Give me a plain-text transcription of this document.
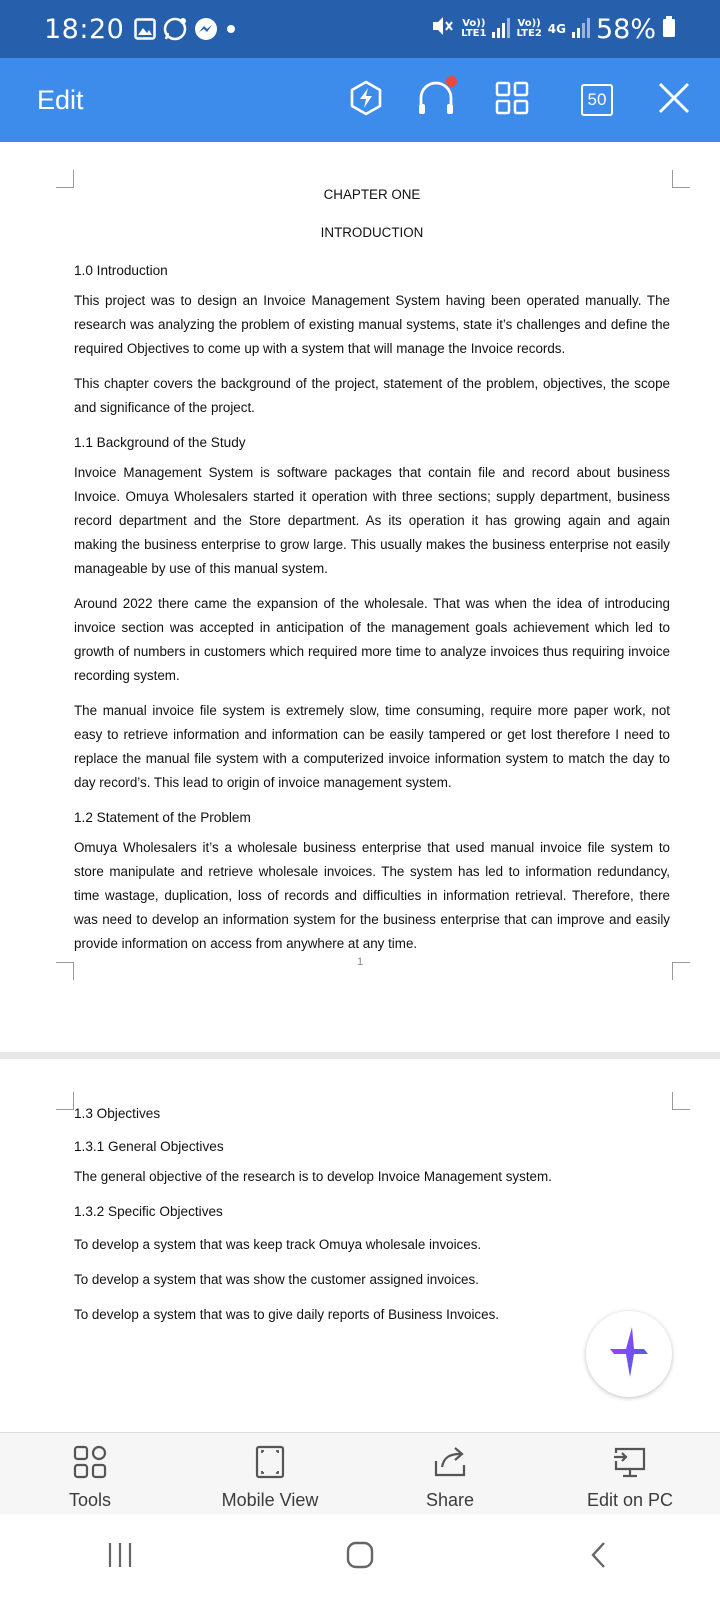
18:20	Vo))
LTE1
Vo))
LTE2 4G 58%
Edit	50
CHAPTER ONE
INTRODUCTION
1.0 Introduction
This project was to design an Invoice Management System having been operated manually. The research was analyzing the problem of existing manual systems, state it’s challenges and define the required Objectives to come up with a system that will manage the Invoice records.
This chapter covers the background of the project, statement of the problem, objectives, the scope and significance of the project.
1.1 Background of the Study
Invoice Management System is software packages that contain file and record about business Invoice. Omuya Wholesalers started it operation with three sections; supply department, business record department and the Store department. As its operation it has growing again and again making the business enterprise to grow large. This usually makes the business enterprise not easily manageable by use of this manual system.
Around 2022 there came the expansion of the wholesale. That was when the idea of introducing invoice section was accepted in anticipation of the management goals achievement which led to growth of numbers in customers which required more time to analyze invoices thus requiring invoice recording system.
The manual invoice file system is extremely slow, time consuming, require more paper work, not easy to retrieve information and information can be easily tampered or get lost therefore I need to replace the manual file system with a computerized invoice information system to match the day to day record’s. This lead to origin of invoice management system.
1.2 Statement of the Problem
Omuya Wholesalers it’s a wholesale business enterprise that used manual invoice file system to store manipulate and retrieve wholesale invoices. The system has led to information redundancy, time wastage, duplication, loss of records and difficulties in information retrieval. Therefore, there was need to develop an information system for the business enterprise that can improve and easily provide information on access from anywhere at any time.
1
1.3 Objectives
1.3.1 General Objectives
The general objective of the research is to develop Invoice Management system.
1.3.2 Specific Objectives
To develop a system that was keep track Omuya wholesale invoices.
To develop a system that was show the customer assigned invoices.
To develop a system that was to give daily reports of Business Invoices.
Tools	Mobile View	Share	Edit on PC
